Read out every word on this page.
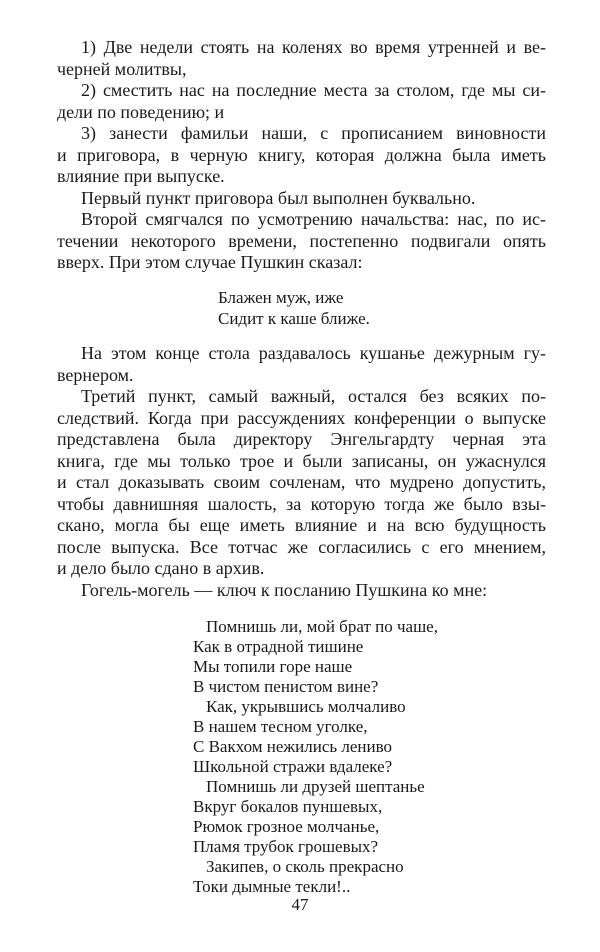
1) Две недели стоять на коленях во время утренней и ве-
черней молитвы,
2) сместить нас на последние места за столом, где мы си-
дели по поведению; и
3) занести фамильи наши, с прописанием виновности
и приговора, в черную книгу, которая должна была иметь
влияние при выпуске.
Первый пункт приговора был выполнен буквально.
Второй смягчался по усмотрению начальства: нас, по ис-
течении некоторого времени, постепенно подвигали опять
вверх. При этом случае Пушкин сказал:
Блажен муж, иже
Сидит к каше ближе.
На этом конце стола раздавалось кушанье дежурным гу-
вернером.
Третий пункт, самый важный, остался без всяких по-
следствий. Когда при рассуждениях конференции о выпуске
представлена была директору Энгельгардту черная эта
книга, где мы только трое и были записаны, он ужаснулся
и стал доказывать своим сочленам, что мудрено допустить,
чтобы давнишняя шалость, за которую тогда же было взы-
скано, могла бы еще иметь влияние и на всю будущность
после выпуска. Все тотчас же согласились с его мнением,
и дело было сдано в архив.
Гогель-могель — ключ к посланию Пушкина ко мне:
Помнишь ли, мой брат по чаше,
Как в отрадной тишине
Мы топили горе наше
В чистом пенистом вине?
Как, укрывшись молчаливо
В нашем тесном уголке,
С Вакхом нежились лениво
Школьной стражи вдалеке?
Помнишь ли друзей шептанье
Вкруг бокалов пуншевых,
Рюмок грозное молчанье,
Пламя трубок грошевых?
Закипев, о сколь прекрасно
Токи дымные текли!..
47
